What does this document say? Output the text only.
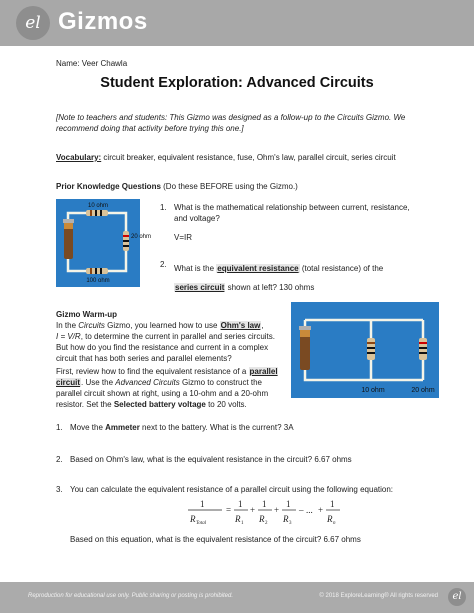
el Gizmos

Name: Veer Chawla

Student Exploration: Advanced Circuits

[Note to teachers and students: This Gizmo was designed as a follow-up to the Circuits Gizmo. We recommend doing that activity before trying this one.]

Vocabulary: circuit breaker, equivalent resistance, fuse, Ohm's law, parallel circuit, series circuit

Prior Knowledge Questions (Do these BEFORE using the Gizmo.)

10 ohm
20 ohm
100 ohm

1. What is the mathematical relationship between current, resistance, and voltage?

V=IR

2. What is the equivalent resistance (total resistance) of the
series circuit shown at left? 130 ohms

Gizmo Warm-up

In the Circuits Gizmo, you learned how to use Ohm's law,
I = V/R, to determine the current in parallel and series circuits. But how do you find the resistance and current in a complex circuit that has both series and parallel elements?

First, review how to find the equivalent resistance of a parallel circuit. Use the Advanced Circuits Gizmo to construct the parallel circuit shown at right, using a 10-ohm and a 20-ohm resistor. Set the Selected battery voltage to 20 volts.

10 ohm	20 ohm

1. Move the Ammeter next to the battery. What is the current? 3A

2. Based on Ohm's law, what is the equivalent resistance in the circuit? 6.67 ohms

3. You can calculate the equivalent resistance of a parallel circuit using the following equation:

1
R Total
=
1
R 1
+
1
R 2
+
1
R 3
– ... +
1
R n

Based on this equation, what is the equivalent resistance of the circuit? 6.67 ohms

Reproduction for educational use only. Public sharing or posting is prohibited.	© 2018 ExploreLearning® All rights reserved	el
